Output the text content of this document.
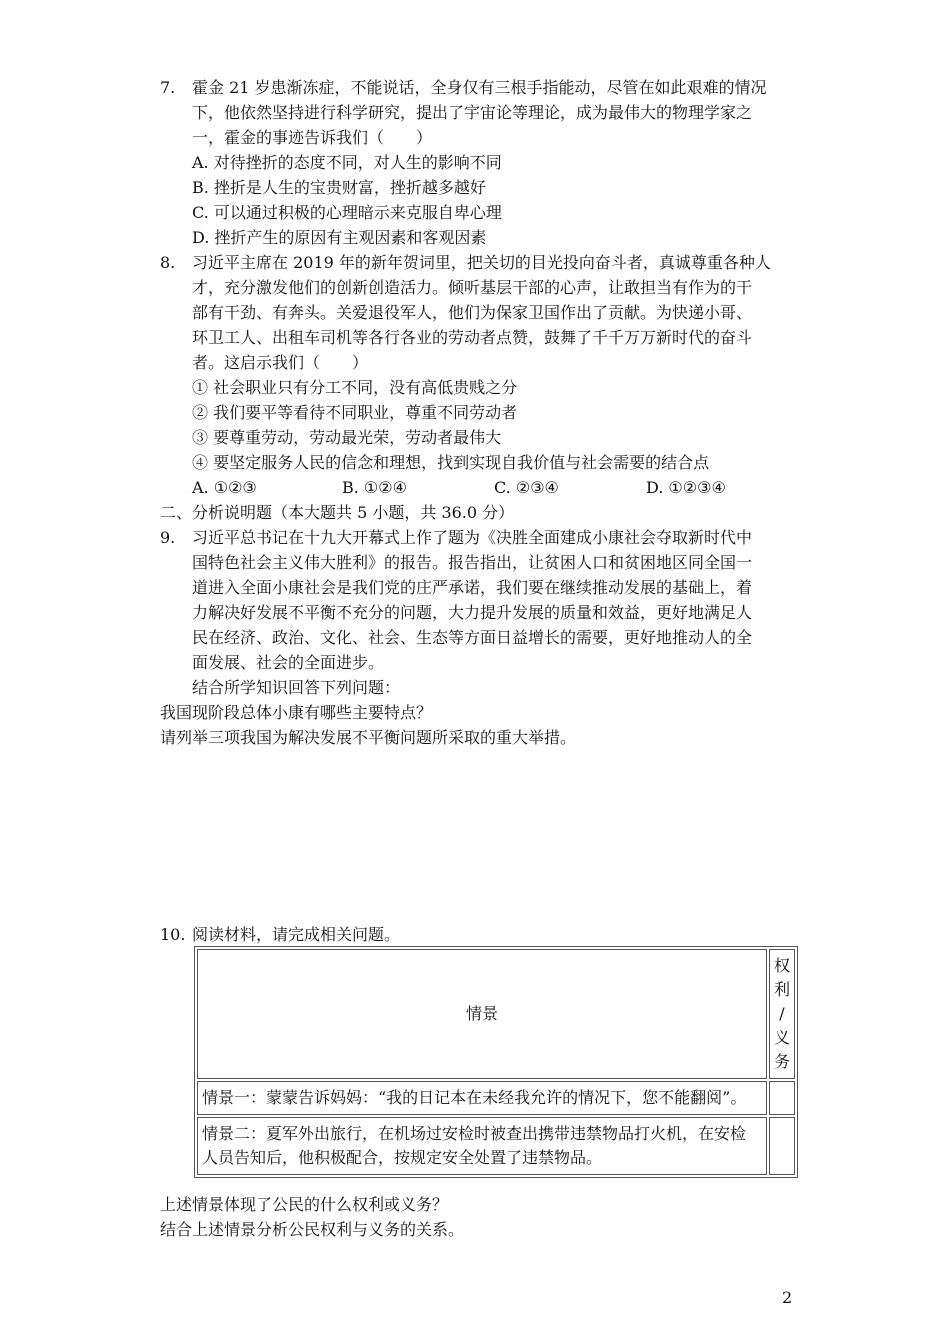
7. 霍金 21 岁患渐冻症，不能说话，全身仅有三根手指能动，尽管在如此艰难的情况
下，他依然坚持进行科学研究，提出了宇宙论等理论，成为最伟大的物理学家之
一，霍金的事迹告诉我们（　　）
A. 对待挫折的态度不同，对人生的影响不同
B. 挫折是人生的宝贵财富，挫折越多越好
C. 可以通过积极的心理暗示来克服自卑心理
D. 挫折产生的原因有主观因素和客观因素
8. 习近平主席在 2019 年的新年贺词里，把关切的目光投向奋斗者，真诚尊重各种人
才，充分激发他们的创新创造活力。倾听基层干部的心声，让敢担当有作为的干
部有干劲、有奔头。关爱退役军人，他们为保家卫国作出了贡献。为快递小哥、
环卫工人、出租车司机等各行各业的劳动者点赞，鼓舞了千千万万新时代的奋斗
者。这启示我们（　　）
① 社会职业只有分工不同，没有高低贵贱之分
② 我们要平等看待不同职业，尊重不同劳动者
③ 要尊重劳动，劳动最光荣，劳动者最伟大
④ 要坚定服务人民的信念和理想，找到实现自我价值与社会需要的结合点
A. ①②③	B. ①②④	C. ②③④	D. ①②③④
二、分析说明题（本大题共 5 小题，共 36.0 分）
9. 习近平总书记在十九大开幕式上作了题为《决胜全面建成小康社会夺取新时代中
国特色社会主义伟大胜利》的报告。报告指出，让贫困人口和贫困地区同全国一
道进入全面小康社会是我们党的庄严承诺，我们要在继续推动发展的基础上，着
力解决好发展不平衡不充分的问题，大力提升发展的质量和效益，更好地满足人
民在经济、政治、文化、社会、生态等方面日益增长的需要，更好地推动人的全
面发展、社会的全面进步。
结合所学知识回答下列问题：
我国现阶段总体小康有哪些主要特点？
请列举三项我国为解决发展不平衡问题所采取的重大举措。
10. 阅读材料，请完成相关问题。
情景	权
利
/
义
务

情景一：蒙蒙告诉妈妈：“我的日记本在未经我允许的情况下，您不能翻阅”。	
情景二：夏军外出旅行，在机场过安检时被查出携带违禁物品打火机，在安检人员告知后，他积极配合，按规定安全处置了违禁物品。	
上述情景体现了公民的什么权利或义务？
结合上述情景分析公民权利与义务的关系。
2
